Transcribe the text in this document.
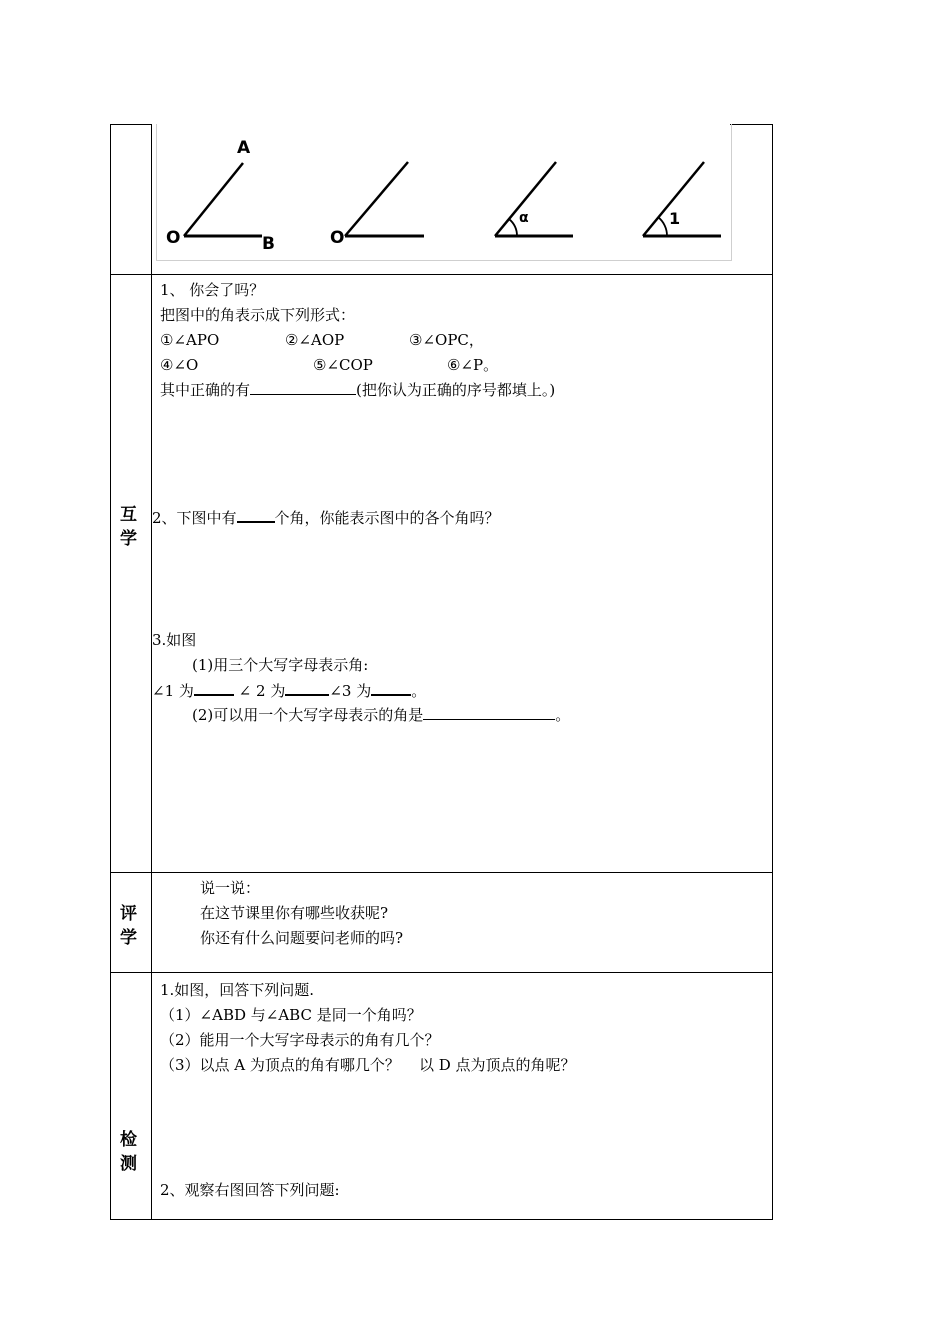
A
O	B	O
α	1
互
学
1、 你会了吗？
把图中的角表示成下列形式：
①∠APO	②∠AOP	③∠OPC，
④∠O	⑤∠COP	⑥∠P。
其中正确的有	(把你认为正确的序号都填上。)
2、下图中有	个角，你能表示图中的各个角吗？
3.如图
(1)用三个大写字母表示角:
∠1 为	∠ 2 为	∠3 为	。
(2)可以用一个大写字母表示的角是	。
评
学
说一说：
在这节课里你有哪些收获呢?
你还有什么问题要问老师的吗?
检
测
1.如图，回答下列问题.
（1）∠ABD 与∠ABC 是同一个角吗？
（2）能用一个大写字母表示的角有几个？
（3）以点 A 为顶点的角有哪几个？    以 D 点为顶点的角呢？
2、观察右图回答下列问题:
